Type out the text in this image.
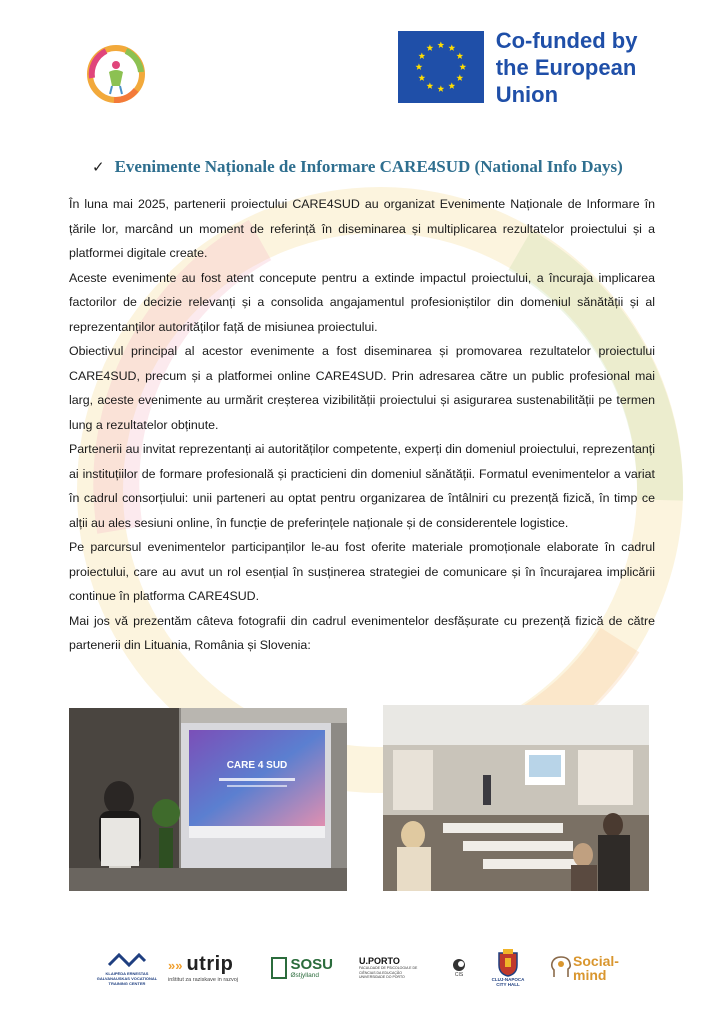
Co-funded by
the European Union
✓ Evenimente Naționale de Informare CARE4SUD (National Info Days)

În luna mai 2025, partenerii proiectului CARE4SUD au organizat Evenimente Naționale de Informare în țările lor, marcând un moment de referință în diseminarea și multiplicarea rezultatelor proiectului și a platformei digitale create.

Aceste evenimente au fost atent concepute pentru a extinde impactul proiectului, a încuraja implicarea factorilor de decizie relevanți și a consolida angajamentul profesioniștilor din domeniul sănătății și al reprezentanților autorităților față de misiunea proiectului.

Obiectivul principal al acestor evenimente a fost diseminarea și promovarea rezultatelor proiectului CARE4SUD, precum și a platformei online CARE4SUD. Prin adresarea către un public profesional mai larg, aceste evenimente au urmărit creșterea vizibilității proiectului și asigurarea sustenabilității pe termen lung a rezultatelor obținute.

Partenerii au invitat reprezentanți ai autorităților competente, experți din domeniul proiectului, reprezentanți ai instituțiilor de formare profesională și practicieni din domeniul sănătății. Formatul evenimentelor a variat în cadrul consorțiului: unii parteneri au optat pentru organizarea de întâlniri cu prezență fizică, în timp ce alții au ales sesiuni online, în funcție de preferințele naționale și de considerentele logistice.

Pe parcursul evenimentelor participanților le-au fost oferite materiale promoționale elaborate în cadrul proiectului, care au avut un rol esențial în susținerea strategiei de comunicare și în încurajarea implicării continue în platforma CARE4SUD.

Mai jos vă prezentăm câteva fotografii din cadrul evenimentelor desfășurate cu prezență fizică de către partenerii din Lituania, România și Slovenia:

CARE 4 SUD
KLAIPĖDA ERNESTAS GALVANAUSKAS VOCATIONAL TRAINING CENTER
»» utrip
inštitut za raziskave in razvoj
SOSU
Østjylland
U.PORTO
FACULDADE DE PSICOLOGIA E DE CIÊNCIAS DA EDUCAÇÃO UNIVERSIDADE DO PORTO	CIS
CLUJ-NAPOCA CITY HALL
Social-
mind
